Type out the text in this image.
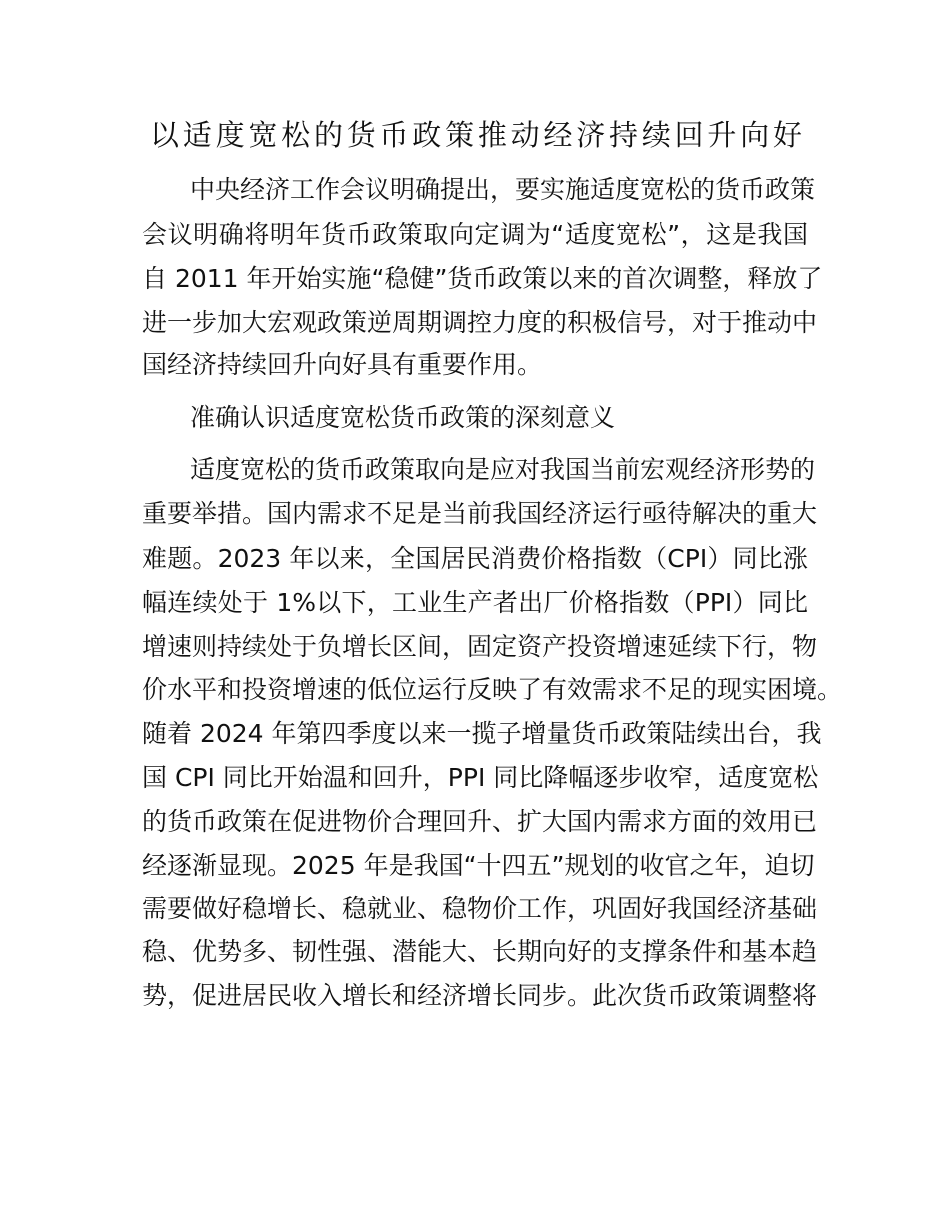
以适度宽松的货币政策推动经济持续回升向好
中央经济工作会议明确提出，要实施适度宽松的货币政策
会议明确将明年货币政策取向定调为“适度宽松”，这是我国
自 2011 年开始实施“稳健”货币政策以来的首次调整，释放了
进一步加大宏观政策逆周期调控力度的积极信号，对于推动中
国经济持续回升向好具有重要作用。
准确认识适度宽松货币政策的深刻意义
适度宽松的货币政策取向是应对我国当前宏观经济形势的
重要举措。国内需求不足是当前我国经济运行亟待解决的重大
难题。2023 年以来，全国居民消费价格指数（CPI）同比涨
幅连续处于 1%以下，工业生产者出厂价格指数（PPI）同比
增速则持续处于负增长区间，固定资产投资增速延续下行，物
价水平和投资增速的低位运行反映了有效需求不足的现实困境。
随着 2024 年第四季度以来一揽子增量货币政策陆续出台，我
国 CPI 同比开始温和回升，PPI 同比降幅逐步收窄，适度宽松
的货币政策在促进物价合理回升、扩大国内需求方面的效用已
经逐渐显现。2025 年是我国“十四五”规划的收官之年，迫切
需要做好稳增长、稳就业、稳物价工作，巩固好我国经济基础
稳、优势多、韧性强、潜能大、长期向好的支撑条件和基本趋
势，促进居民收入增长和经济增长同步。此次货币政策调整将
